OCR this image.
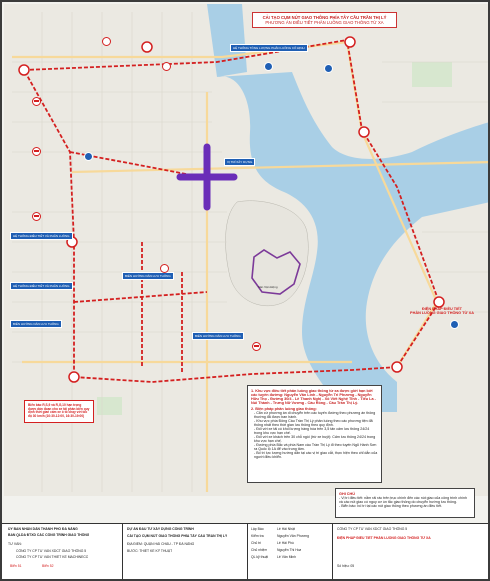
CẢI TẠO CỤM NÚT GIAO THÔNG PHÍA TÂY CẦU TRẦN THỊ LÝ
PHƯƠNG ÁN ĐIỀU TIẾT PHÂN LUỒNG GIAO THÔNG TỪ XA
VỊ TRÍ XÂY DỰNG
Sân Vận Động
HỆ THỐNG TỔNG LƯỢNG PHÂN LUỒNG CỐ ĐỊNH
HỆ THỐNG ĐIỀU TIẾT VÀ PHÂN LUỒNG
HỆ THỐNG ĐIỀU TIẾT VÀ PHÂN LUỒNG
BIỂN HƯỚNG DẪN LƯU THÔNG
BIỂN HƯỚNG DẪN LƯU THÔNG
BIỂN HƯỚNG DẪN LƯU THÔNG
Biển báo R,S,9 và R,G,10 hạn trọng được dán đoạn cho xe tải phân biển quy định thời gian cấm xe ô tô chạy với tốc độ 30 km/h (10:30-12:00, 16:30-19:00)
1. Khu vực điều tiết phân luồng giao thông từ xa được giới hạn bởi các tuyến đường: Nguyễn Văn Linh - Nguyễn Tri Phương - Nguyễn Hữu Thọ - Đường 30/4 - Lê Thanh Nghị - Xô Viết Nghệ Tĩnh - Tiểu La - Núi Thành - Trưng Nữ Vương - Cầu Rồng - Cầu Trần Thị Lý.
2. Biện pháp phân luồng giao thông:
- Căn cứ phương án di chuyển trên các tuyến đường theo phương án thông thường đã được ban hành.
- Khu vực phía Đông Cầu Trần Thị Lý phân luồng theo các phương tiện đã thống nhất theo thời gian lưu thông theo quy định.
- Đối với xe tải có khối lượng hàng hóa trên 3,5 tấn cấm lưu thông 24/24 trong khu vực hạn chế.
- Đối với xe khách trên 30 chỗ ngồi (trừ xe buýt): Cấm lưu thông 24/24 trong khu vực hạn chế.
- Đường phía Bắc và phía Nam cầu Trần Thị Lý đi theo tuyến Ngũ Hành Sơn ra Quốc lộ 1A để vào trung tâm.
- Bố trí lực lượng hướng dẫn tại các vị trí giao cắt, thực hiện theo chỉ dẫn của người điều khiển.
GHI CHÚ
- Vị trí điều tiết: nằm rải rác trên trục chính đến các nút giao của công trình chính và các nút giao có nguy cơ ùn tắc giao thông do chuyển hướng lưu thông.
- Biển báo: bố trí tại các nút giao thông theo phương án điều tiết.
ĐIỆN PHÁP ĐIỀU TIẾT
PHÂN LUỒNG GIAO THÔNG TỪ XA
ỦY BAN NHÂN DÂN THÀNH PHỐ ĐÀ NẴNG
BAN QLDA ĐTXD CÁC CÔNG TRÌNH GIAO THÔNG
TƯ VẤN:
CÔNG TY CP TƯ VẤN XDCT GIAO THÔNG 5
CÔNG TY CP TƯ VẤN THIẾT KẾ MACHINECO
Biển 51	Biển 52
DỰ ÁN ĐẦU TƯ XÂY DỰNG CÔNG TRÌNH
CẢI TẠO CỤM NÚT GIAO THÔNG PHÍA TÂY CẦU TRẦN THỊ LÝ
ĐỊA ĐIỂM: QUẬN HẢI CHÂU - TP ĐÀ NẴNG
BƯỚC: THIẾT KẾ KỸ THUẬT
Lập Báo	Lê Hải Nhật
Kiểm tra	Nguyễn Văn Phương
Chủ trì	Lê Hải Phú
Chủ nhiệm	Nguyễn Thi Hoa
QL kỹ thuật	Lê Văn Minh
CÔNG TY CP TƯ VẤN XDCT GIAO THÔNG 5
ĐIỆN PHÁP ĐIỀU TIẾT PHÂN LUỒNG GIAO THÔNG TỪ XA
Số hiệu: 05
